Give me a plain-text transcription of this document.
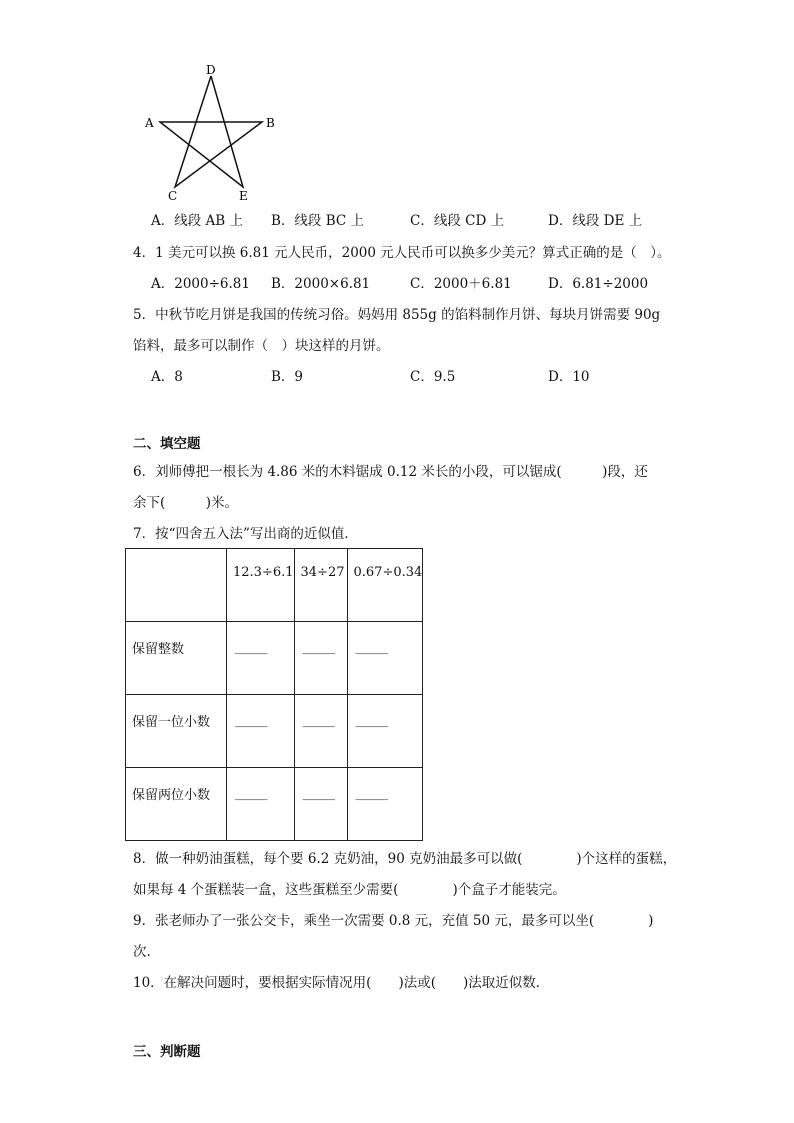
D
A	B
C	E
A．线段 AB 上 B．线段 BC 上	C．线段 CD 上	D．线段 DE 上
4．1 美元可以换 6.81 元人民币，2000 元人民币可以换多少美元？算式正确的是（　）。
A．2000÷6.81 B．2000×6.81	C．2000＋6.81	D．6.81÷2000
5．中秋节吃月饼是我国的传统习俗。妈妈用 855g 的馅料制作月饼、每块月饼需要 90g
馅料，最多可以制作（　）块这样的月饼。
A．8	B．9	C．9.5	D．10
二、填空题
6．刘师傅把一根长为 4.86 米的木料锯成 0.12 米长的小段，可以锯成(　　　)段，还
余下(　　　)米。
7．按“四舍五入法”写出商的近似值．

	12.3÷6.1	34÷27	0.67÷0.34

保留整数	_____	_____	_____

保留一位小数	_____	_____	_____

保留两位小数	_____	_____	_____
8．做一种奶油蛋糕，每个要 6.2 克奶油，90 克奶油最多可以做(　　　　)个这样的蛋糕，
如果每 4 个蛋糕装一盒，这些蛋糕至少需要(　　　　)个盒子才能装完。
9．张老师办了一张公交卡，乘坐一次需要 0.8 元，充值 50 元，最多可以坐(　　　　)
次.
10．在解决问题时，要根据实际情况用(　　)法或(　　)法取近似数．
三、判断题
